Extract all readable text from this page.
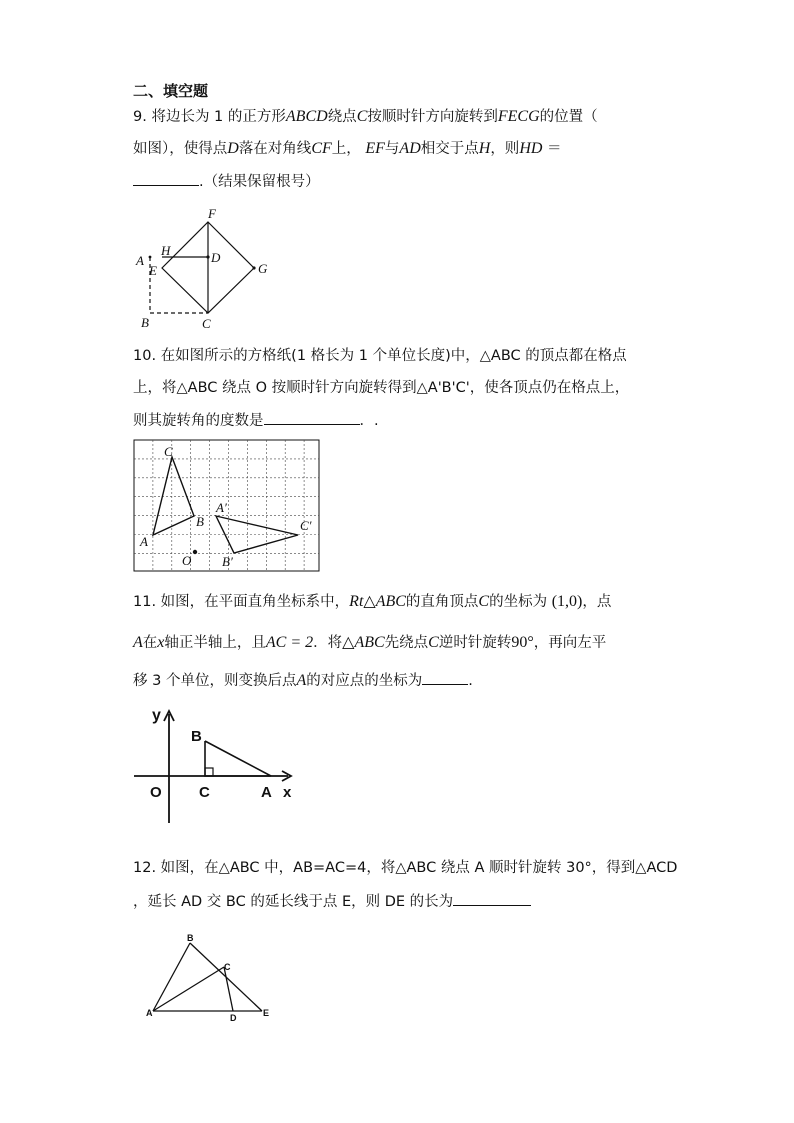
二、填空题
9. 将边长为 1 的正方形ABCD绕点C按顺时针方向旋转到FECG的位置（
如图），使得点D落在对角线CF上， EF与AD相交于点H，则HD ＝
.（结果保留根号）
F
H	D
A
E	G
B	C
10. 在如图所示的方格纸(1 格长为 1 个单位长度)中，△ABC 的顶点都在格点
上，将△ABC 绕点 O 按顺时针方向旋转得到△A'B'C'，使各顶点仍在格点上，
则其旋转角的度数是	．.
C
A
B
O
A′
B′
C′
11. 如图，在平面直角坐标系中，Rt△ABC的直角顶点C的坐标为 (1,0)，点
A在x轴正半轴上，且AC = 2．将△ABC先绕点C逆时针旋转90°，再向左平
移 3 个单位，则变换后点A的对应点的坐标为	.
y
x
B
O C	A
12. 如图，在△ABC 中，AB=AC=4，将△ABC 绕点 A 顺时针旋转 30°，得到△ACD
，延长 AD 交 BC 的延长线于点 E，则 DE 的长为
B
C
A	D	E
